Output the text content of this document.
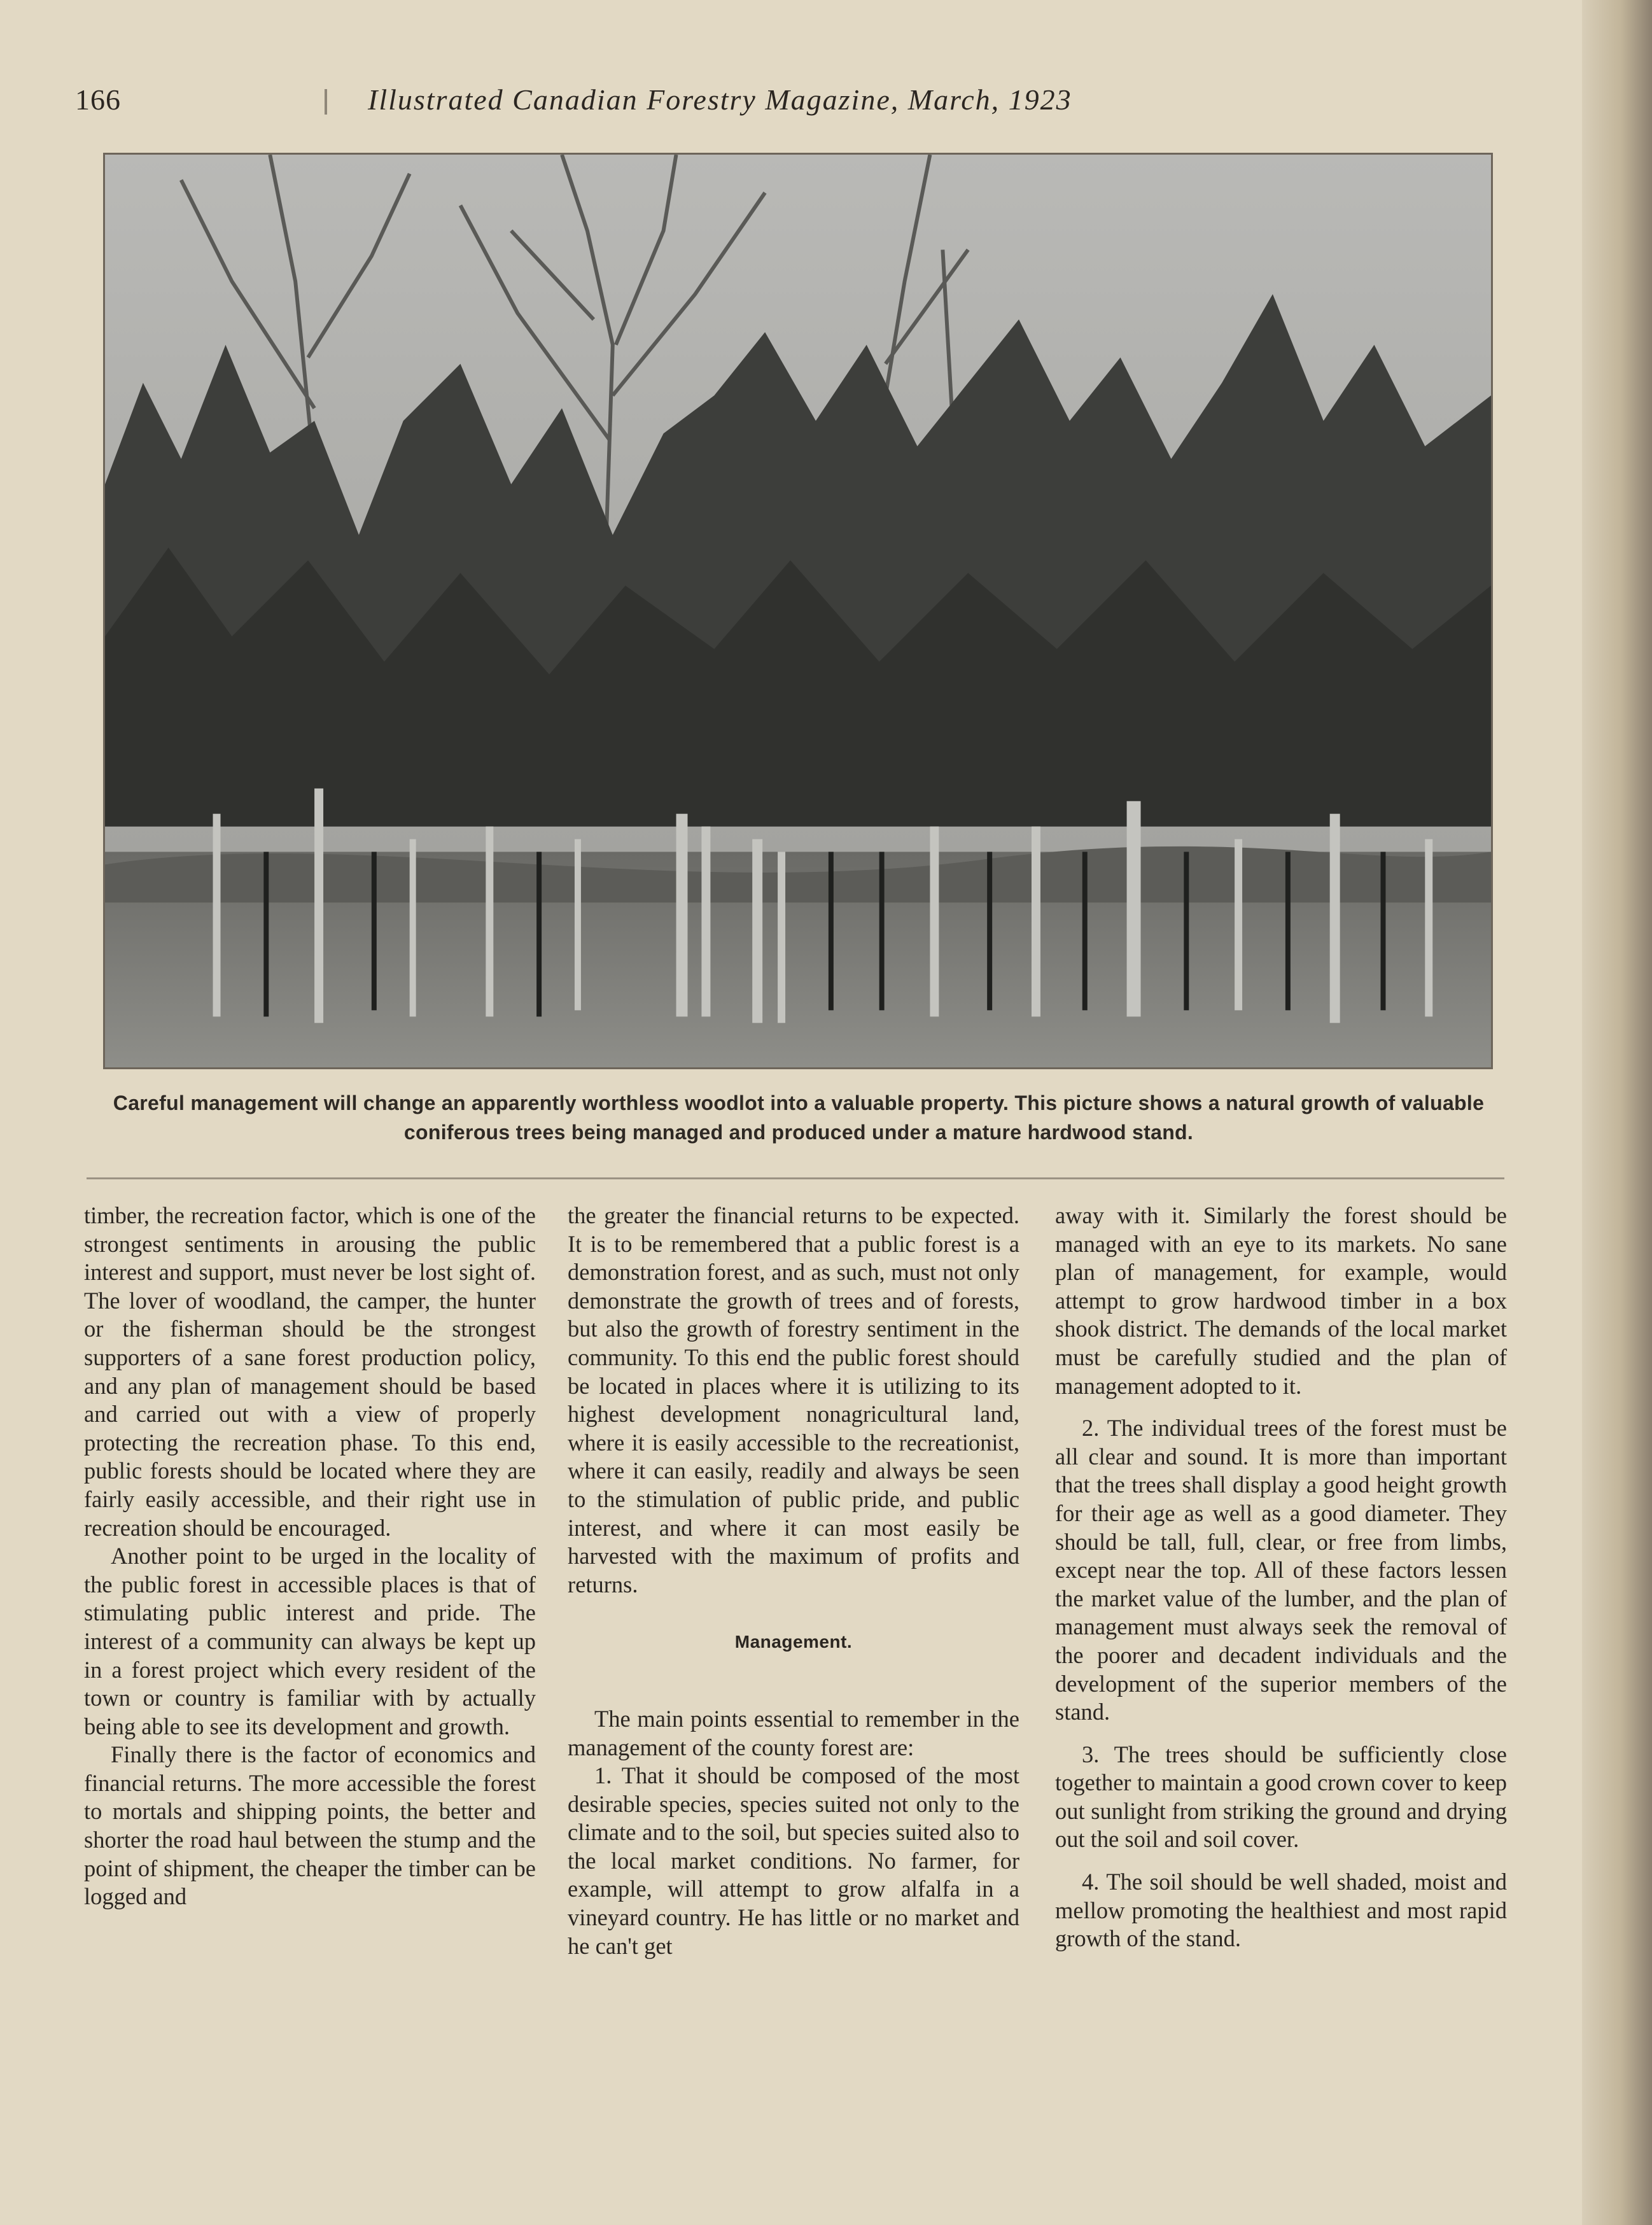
166	Illustrated Canadian Forestry Magazine, March, 1923
Careful management will change an apparently worthless woodlot into a valuable property. This picture shows a natural growth of valuable coniferous trees being managed and produced under a mature hardwood stand.

timber, the recreation factor, which is one of the strongest sentiments in arousing the public interest and support, must never be lost sight of. The lover of woodland, the camper, the hunter or the fisherman should be the strongest supporters of a sane forest production policy, and any plan of management should be based and carried out with a view of properly protecting the recreation phase. To this end, public forests should be located where they are fairly easily accessible, and their right use in recreation should be encouraged.

Another point to be urged in the locality of the public forest in accessible places is that of stimulating public interest and pride. The interest of a community can always be kept up in a forest project which every resident of the town or country is familiar with by actually being able to see its development and growth.

Finally there is the factor of economics and financial returns. The more accessible the forest to mortals and shipping points, the better and shorter the road haul between the stump and the point of shipment, the cheaper the timber can be logged and

the greater the financial returns to be expected. It is to be remembered that a public forest is a demonstration forest, and as such, must not only demonstrate the growth of trees and of forests, but also the growth of forestry sentiment in the community. To this end the public forest should be located in places where it is utilizing to its highest development nonagricultural land, where it is easily accessible to the recreationist, where it can easily, readily and always be seen to the stimulation of public pride, and public interest, and where it can most easily be harvested with the maximum of profits and returns.

Management.

The main points essential to remember in the management of the county forest are:

1. That it should be composed of the most desirable species, species suited not only to the climate and to the soil, but species suited also to the local market conditions. No farmer, for example, will attempt to grow alfalfa in a vineyard country. He has little or no market and he can't get

away with it. Similarly the forest should be managed with an eye to its markets. No sane plan of management, for example, would attempt to grow hardwood timber in a box shook district. The demands of the local market must be carefully studied and the plan of management adopted to it.

2. The individual trees of the forest must be all clear and sound. It is more than important that the trees shall display a good height growth for their age as well as a good diameter. They should be tall, full, clear, or free from limbs, except near the top. All of these factors lessen the market value of the lumber, and the plan of management must always seek the removal of the poorer and decadent individuals and the development of the superior members of the stand.

3. The trees should be sufficiently close together to maintain a good crown cover to keep out sunlight from striking the ground and drying out the soil and soil cover.

4. The soil should be well shaded, moist and mellow promoting the healthiest and most rapid growth of the stand.
